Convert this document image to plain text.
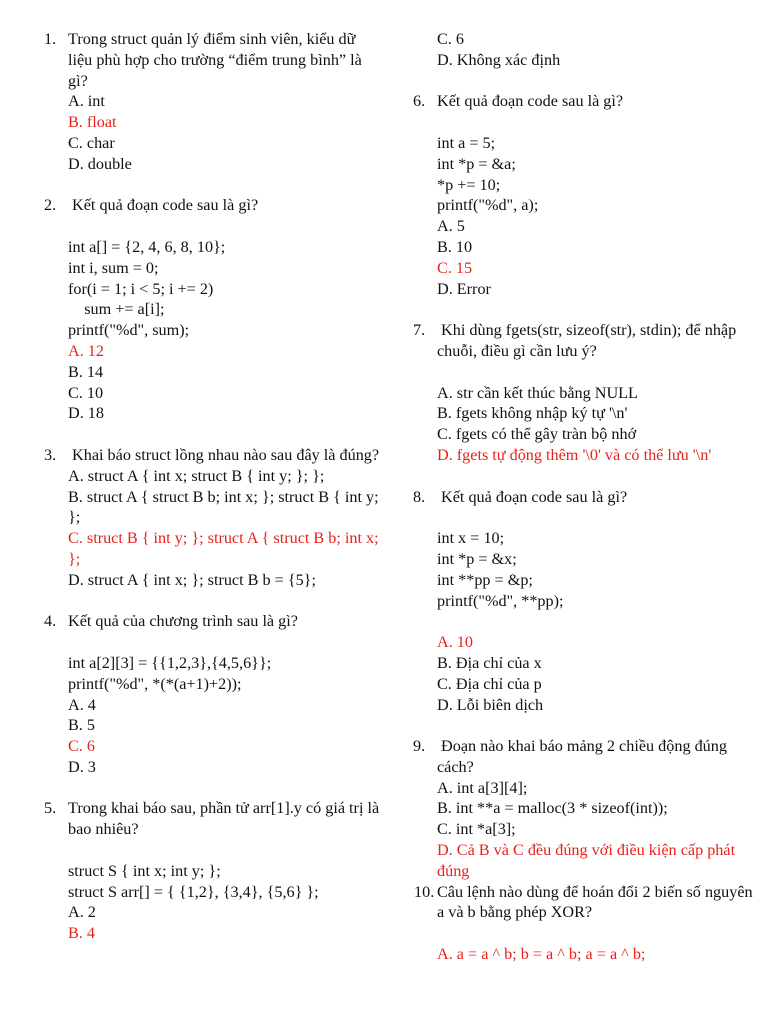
1. Trong struct quản lý điểm sinh viên, kiểu dữ liệu phù hợp cho trường “điểm trung bình” là gì?
A. int
B. float
C. char
D. double
2. Kết quả đoạn code sau là gì?

int a[] = {2, 4, 6, 8, 10};
int i, sum = 0;
for(i = 1; i < 5; i += 2)
sum += a[i];
printf("%d", sum);
A. 12
B. 14
C. 10
D. 18
3. Khai báo struct lồng nhau nào sau đây là đúng?
A. struct A { int x; struct B { int y; }; };
B. struct A { struct B b; int x; }; struct B { int y; };
C. struct B { int y; }; struct A { struct B b; int x; };
D. struct A { int x; }; struct B b = {5};
4. Kết quả của chương trình sau là gì?

int a[2][3] = {{1,2,3},{4,5,6}};
printf("%d", *(*(a+1)+2));
A. 4
B. 5
C. 6
D. 3
5. Trong khai báo sau, phần tử arr[1].y có giá trị là bao nhiêu?

struct S { int x; int y; };
struct S arr[] = { {1,2}, {3,4}, {5,6} };
A. 2
B. 4
C. 6
D. Không xác định
6. Kết quả đoạn code sau là gì?

int a = 5;
int *p = &a;
*p += 10;
printf("%d", a);
A. 5
B. 10
C. 15
D. Error
7. Khi dùng fgets(str, sizeof(str), stdin); để nhập chuỗi, điều gì cần lưu ý?

A. str cần kết thúc bằng NULL
B. fgets không nhập ký tự '\n'
C. fgets có thể gây tràn bộ nhớ
D. fgets tự động thêm '\0' và có thể lưu '\n'
8. Kết quả đoạn code sau là gì?

int x = 10;
int *p = &x;
int **pp = &p;
printf("%d", **pp);

A. 10
B. Địa chỉ của x
C. Địa chỉ của p
D. Lỗi biên dịch
9. Đoạn nào khai báo mảng 2 chiều động đúng cách?
A. int a[3][4];
B. int **a = malloc(3 * sizeof(int));
C. int *a[3];
D. Cả B và C đều đúng với điều kiện cấp phát đúng
10. Câu lệnh nào dùng để hoán đổi 2 biến số nguyên a và b bằng phép XOR?

A. a = a ^ b; b = a ^ b; a = a ^ b;
